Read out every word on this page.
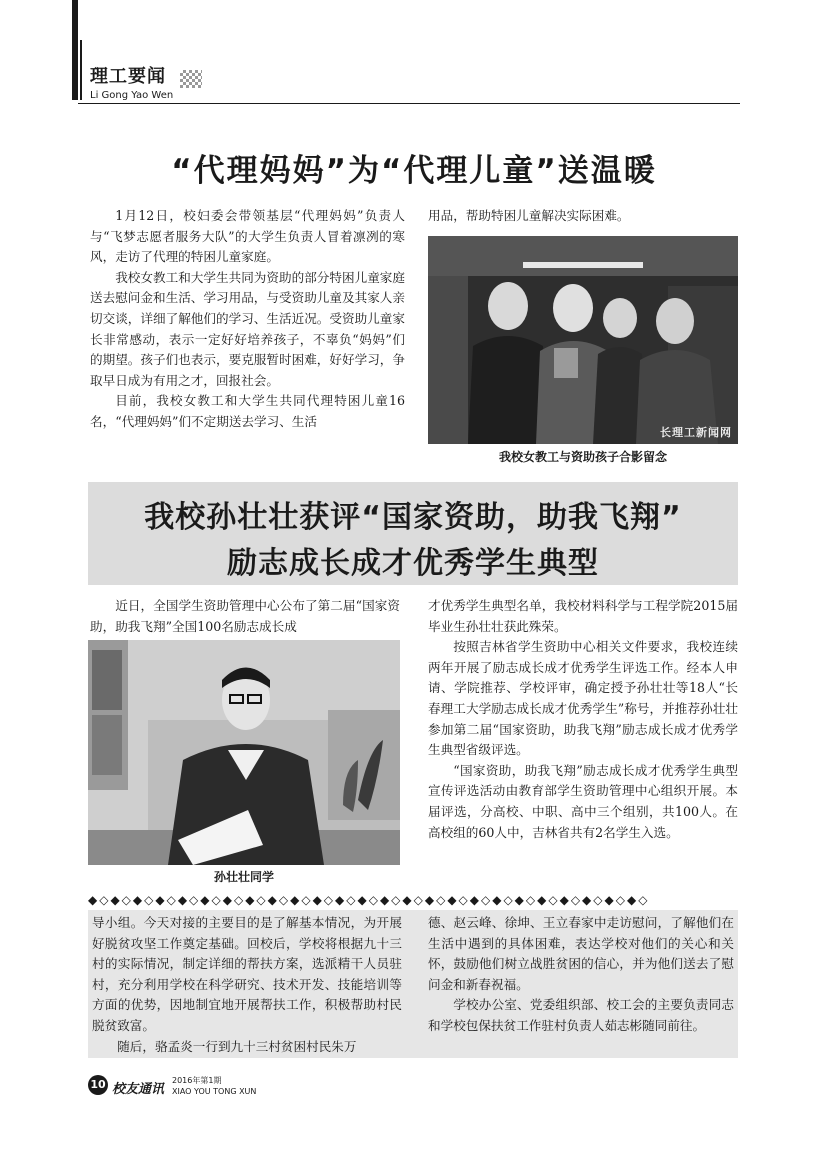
理工要闻
Li Gong Yao Wen
“代理妈妈”为“代理儿童”送温暖

1月12日，校妇委会带领基层“代理妈妈”负责人与“飞梦志愿者服务大队”的大学生负责人冒着凛冽的寒风，走访了代理的特困儿童家庭。

我校女教工和大学生共同为资助的部分特困儿童家庭送去慰问金和生活、学习用品，与受资助儿童及其家人亲切交谈，详细了解他们的学习、生活近况。受资助儿童家长非常感动，表示一定好好培养孩子，不辜负“妈妈”们的期望。孩子们也表示，要克服暂时困难，好好学习，争取早日成为有用之才，回报社会。

目前，我校女教工和大学生共同代理特困儿童16名，“代理妈妈”们不定期送去学习、生活

用品，帮助特困儿童解决实际困难。

长理工新闻网
我校女教工与资助孩子合影留念
我校孙壮壮获评“国家资助，助我飞翔”
励志成长成才优秀学生典型

近日，全国学生资助管理中心公布了第二届“国家资助，助我飞翔”全国100名励志成长成

孙壮壮同学

才优秀学生典型名单，我校材料科学与工程学院2015届毕业生孙壮壮获此殊荣。

按照吉林省学生资助中心相关文件要求，我校连续两年开展了励志成长成才优秀学生评选工作。经本人申请、学院推荐、学校评审，确定授予孙壮壮等18人“长春理工大学励志成长成才优秀学生”称号，并推荐孙壮壮参加第二届“国家资助，助我飞翔”励志成长成才优秀学生典型省级评选。

“国家资助，助我飞翔”励志成长成才优秀学生典型宣传评选活动由教育部学生资助管理中心组织开展。本届评选，分高校、中职、高中三个组别，共100人。在高校组的60人中，吉林省共有2名学生入选。

◆◇◆◇◆◇◆◇◆◇◆◇◆◇◆◇◆◇◆◇◆◇◆◇◆◇◆◇◆◇◆◇◆◇◆◇◆◇◆◇◆◇◆◇◆◇◆◇◆◇

导小组。今天对接的主要目的是了解基本情况，为开展好脱贫攻坚工作奠定基础。回校后，学校将根据九十三村的实际情况，制定详细的帮扶方案，选派精干人员驻村，充分利用学校在科学研究、技术开发、技能培训等方面的优势，因地制宜地开展帮扶工作，积极帮助村民脱贫致富。

随后，骆孟炎一行到九十三村贫困村民朱万

德、赵云峰、徐坤、王立春家中走访慰问，了解他们在生活中遇到的具体困难，表达学校对他们的关心和关怀，鼓励他们树立战胜贫困的信心，并为他们送去了慰问金和新春祝福。

学校办公室、党委组织部、校工会的主要负责同志和学校包保扶贫工作驻村负责人茹志彬随同前往。

10 校友通讯
2016年第1期
XIAO YOU TONG XUN
